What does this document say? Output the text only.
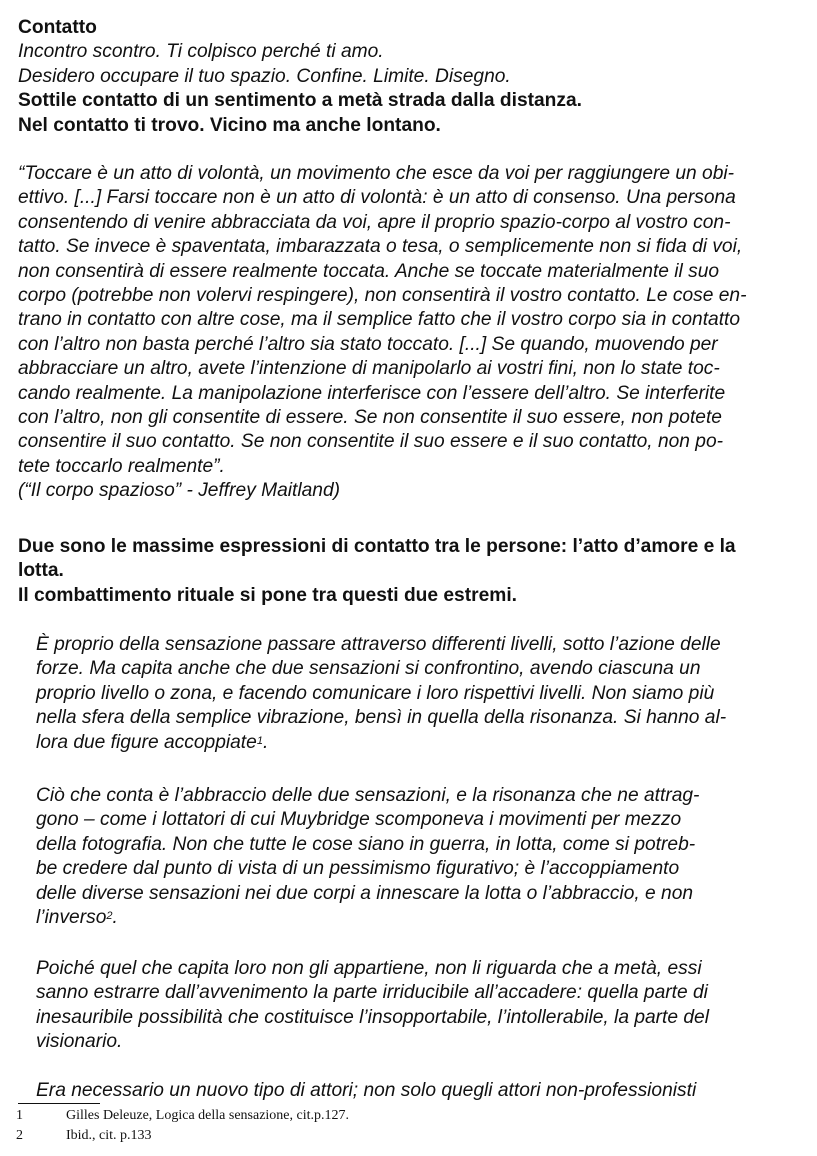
Contatto
Incontro scontro. Ti colpisco perché ti amo.
Desidero occupare il tuo spazio. Confine. Limite. Disegno.
Sottile contatto di un sentimento a metà strada dalla distanza.
Nel contatto ti trovo. Vicino ma anche lontano.
“Toccare è un atto di volontà, un movimento che esce da voi per raggiungere un obi-
ettivo. [...] Farsi toccare non è un atto di volontà: è un atto di consenso. Una persona
consentendo di venire abbracciata da voi, apre il proprio spazio-corpo al vostro con-
tatto. Se invece è spaventata, imbarazzata o tesa, o semplicemente non si fida di voi,
non consentirà di essere realmente toccata. Anche se toccate materialmente il suo
corpo (potrebbe non volervi respingere), non consentirà il vostro contatto. Le cose en-
trano in contatto con altre cose, ma il semplice fatto che il vostro corpo sia in contatto
con l’altro non basta perché l’altro sia stato toccato. [...] Se quando, muovendo per
abbracciare un altro, avete l’intenzione di manipolarlo ai vostri fini, non lo state toc-
cando realmente. La manipolazione interferisce con l’essere dell’altro. Se interferite
con l’altro, non gli consentite di essere. Se non consentite il suo essere, non potete
consentire il suo contatto. Se non consentite il suo essere e il suo contatto, non po-
tete toccarlo realmente”.
(“Il corpo spazioso” - Jeffrey Maitland)
Due sono le massime espressioni di contatto tra le persone: l’atto d’amore e la
lotta.
Il combattimento rituale si pone tra questi due estremi.
È proprio della sensazione passare attraverso differenti livelli, sotto l’azione delle
forze. Ma capita anche che due sensazioni si confrontino, avendo ciascuna un
proprio livello o zona, e facendo comunicare i loro rispettivi livelli. Non siamo più
nella sfera della semplice vibrazione, bensì in quella della risonanza. Si hanno al-
lora due figure accoppiate$^1$.
Ciò che conta è l’abbraccio delle due sensazioni, e la risonanza che ne attrag-
gono – come i lottatori di cui Muybridge scomponeva i movimenti per mezzo
della fotografia. Non che tutte le cose siano in guerra, in lotta, come si potreb-
be credere dal punto di vista di un pessimismo figurativo; è l’accoppiamento
delle diverse sensazioni nei due corpi a innescare la lotta o l’abbraccio, e non
l’inverso$^2$.
Poiché quel che capita loro non gli appartiene, non li riguarda che a metà, essi
sanno estrarre dall’avvenimento la parte irriducibile all’accadere: quella parte di
inesauribile possibilità che costituisce l’insopportabile, l’intollerabile, la parte del
visionario.
Era necessario un nuovo tipo di attori; non solo quegli attori non-professionisti
1	Gilles Deleuze, Logica della sensazione, cit.p.127.
2	Ibid., cit. p.133
